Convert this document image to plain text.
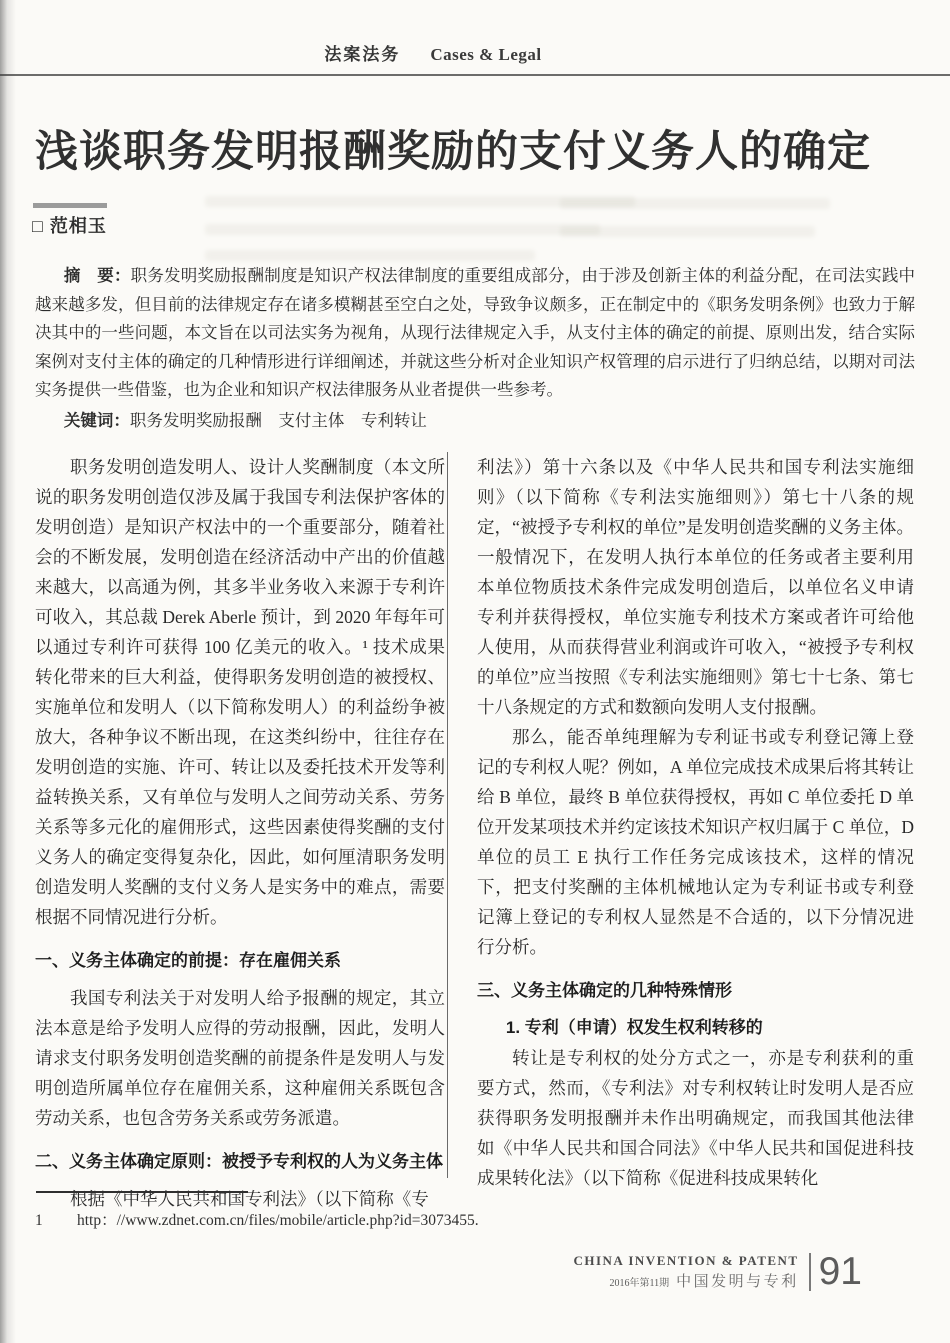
法案法务 Cases & Legal
浅谈职务发明报酬奖励的支付义务人的确定
□ 范相玉

摘　要：职务发明奖励报酬制度是知识产权法律制度的重要组成部分，由于涉及创新主体的利益分配，在司法实践中越来越多发，但目前的法律规定存在诸多模糊甚至空白之处，导致争议颇多，正在制定中的《职务发明条例》也致力于解决其中的一些问题，本文旨在以司法实务为视角，从现行法律规定入手，从支付主体的确定的前提、原则出发，结合实际案例对支付主体的确定的几种情形进行详细阐述，并就这些分析对企业知识产权管理的启示进行了归纳总结，以期对司法实务提供一些借鉴，也为企业和知识产权法律服务从业者提供一些参考。

关键词：职务发明奖励报酬　支付主体　专利转让

职务发明创造发明人、设计人奖酬制度（本文所说的职务发明创造仅涉及属于我国专利法保护客体的发明创造）是知识产权法中的一个重要部分，随着社会的不断发展，发明创造在经济活动中产出的价值越来越大，以高通为例，其多半业务收入来源于专利许可收入，其总裁 Derek Aberle 预计，到 2020 年每年可以通过专利许可获得 100 亿美元的收入。¹ 技术成果转化带来的巨大利益，使得职务发明创造的被授权、实施单位和发明人（以下简称发明人）的利益纷争被放大，各种争议不断出现，在这类纠纷中，往往存在发明创造的实施、许可、转让以及委托技术开发等利益转换关系，又有单位与发明人之间劳动关系、劳务关系等多元化的雇佣形式，这些因素使得奖酬的支付义务人的确定变得复杂化，因此，如何厘清职务发明创造发明人奖酬的支付义务人是实务中的难点，需要根据不同情况进行分析。

一、义务主体确定的前提：存在雇佣关系

我国专利法关于对发明人给予报酬的规定，其立法本意是给予发明人应得的劳动报酬，因此，发明人请求支付职务发明创造奖酬的前提条件是发明人与发明创造所属单位存在雇佣关系，这种雇佣关系既包含劳动关系，也包含劳务关系或劳务派遣。

二、义务主体确定原则：被授予专利权的人为义务主体

根据《中华人民共和国专利法》（以下简称《专

利法》）第十六条以及《中华人民共和国专利法实施细则》（以下简称《专利法实施细则》）第七十八条的规定，“被授予专利权的单位”是发明创造奖酬的义务主体。一般情况下，在发明人执行本单位的任务或者主要利用本单位物质技术条件完成发明创造后，以单位名义申请专利并获得授权，单位实施专利技术方案或者许可给他人使用，从而获得营业利润或许可收入，“被授予专利权的单位”应当按照《专利法实施细则》第七十七条、第七十八条规定的方式和数额向发明人支付报酬。

那么，能否单纯理解为专利证书或专利登记簿上登记的专利权人呢？例如，A 单位完成技术成果后将其转让给 B 单位，最终 B 单位获得授权，再如 C 单位委托 D 单位开发某项技术并约定该技术知识产权归属于 C 单位，D 单位的员工 E 执行工作任务完成该技术，这样的情况下，把支付奖酬的主体机械地认定为专利证书或专利登记簿上登记的专利权人显然是不合适的，以下分情况进行分析。

三、义务主体确定的几种特殊情形
1. 专利（申请）权发生权利转移的

转让是专利权的处分方式之一，亦是专利获利的重要方式，然而，《专利法》对专利权转让时发明人是否应获得职务发明报酬并未作出明确规定，而我国其他法律如《中华人民共和国合同法》《中华人民共和国促进科技成果转化法》（以下简称《促进科技成果转化

1 http：//www.zdnet.com.cn/files/mobile/article.php?id=3073455.
CHINA INVENTION & PATENT
2016年第11期 中国发明与专利 91
